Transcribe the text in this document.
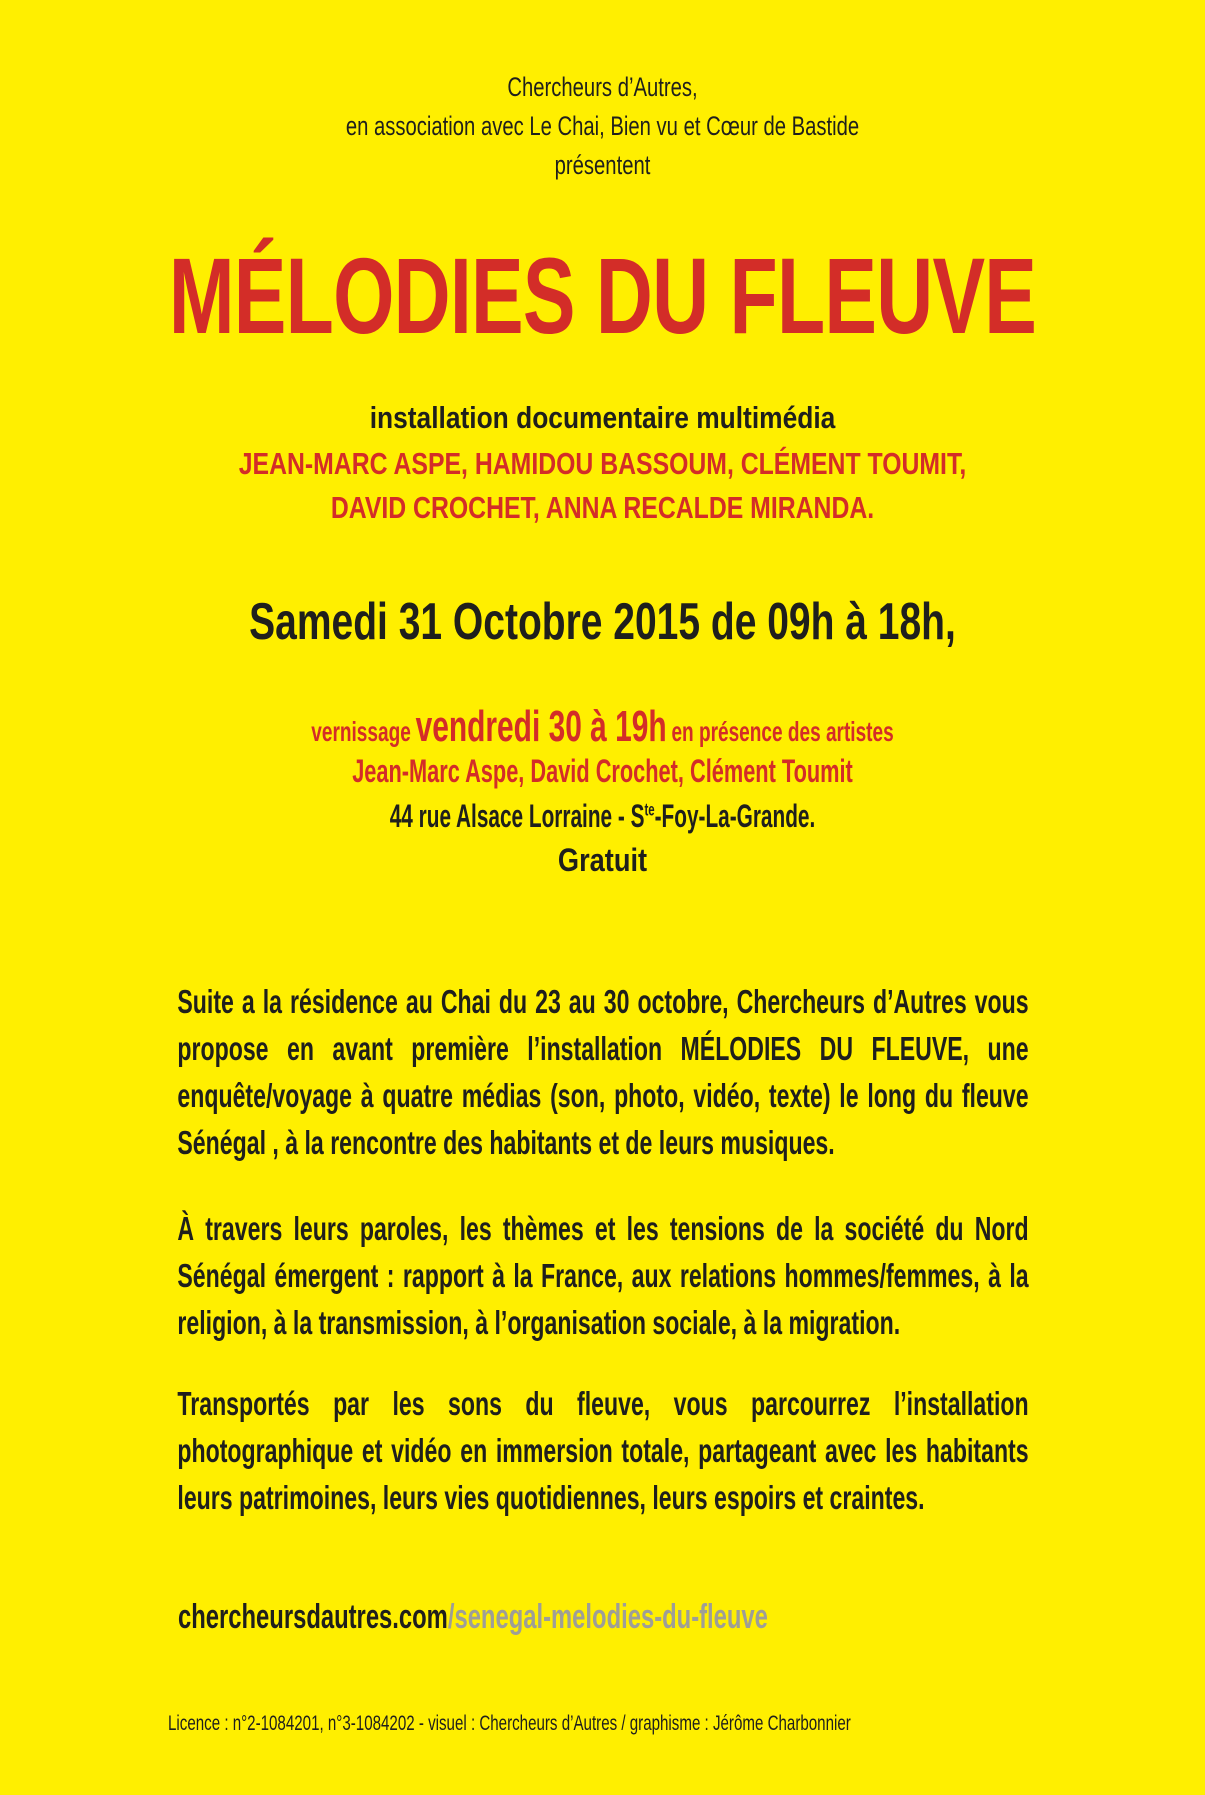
Chercheurs d’Autres,
en association avec Le Chai, Bien vu et Cœur de Bastide
présentent
MÉLODIES DU FLEUVE
installation documentaire multimédia
JEAN-MARC ASPE, HAMIDOU BASSOUM, CLÉMENT TOUMIT,
DAVID CROCHET, ANNA RECALDE MIRANDA.
Samedi 31 Octobre 2015 de 09h à 18h,
vernissage vendredi 30 à 19h en présence des artistes
Jean-Marc Aspe, David Crochet, Clément Toumit
44 rue Alsace Lorraine - $S^{te}-Foy-La$-Grande.
Gratuit

Suite a la résidence au Chai du 23 au 30 octobre, Chercheurs d’Autres vous propose en avant première l’installation MÉLODIES DU FLEUVE, une enquête/voyage à quatre médias (son, photo, vidéo, texte) le long du fleuve Sénégal , à la rencontre des habitants et de leurs musiques.

À travers leurs paroles, les thèmes et les tensions de la société du Nord Sénégal émergent : rapport à la France, aux relations hommes/femmes, à la religion, à la transmission, à l’organisation sociale, à la migration.

Transportés par les sons du fleuve, vous parcourrez l’installation photographique et vidéo en immersion totale, partageant avec les habitants leurs patrimoines, leurs vies quotidiennes, leurs espoirs et craintes.

chercheursdautres.com/senegal-melodies-du-fleuve
Licence : n°2-1084201, n°3-1084202 - visuel : Chercheurs d’Autres / graphisme : Jérôme Charbonnier
